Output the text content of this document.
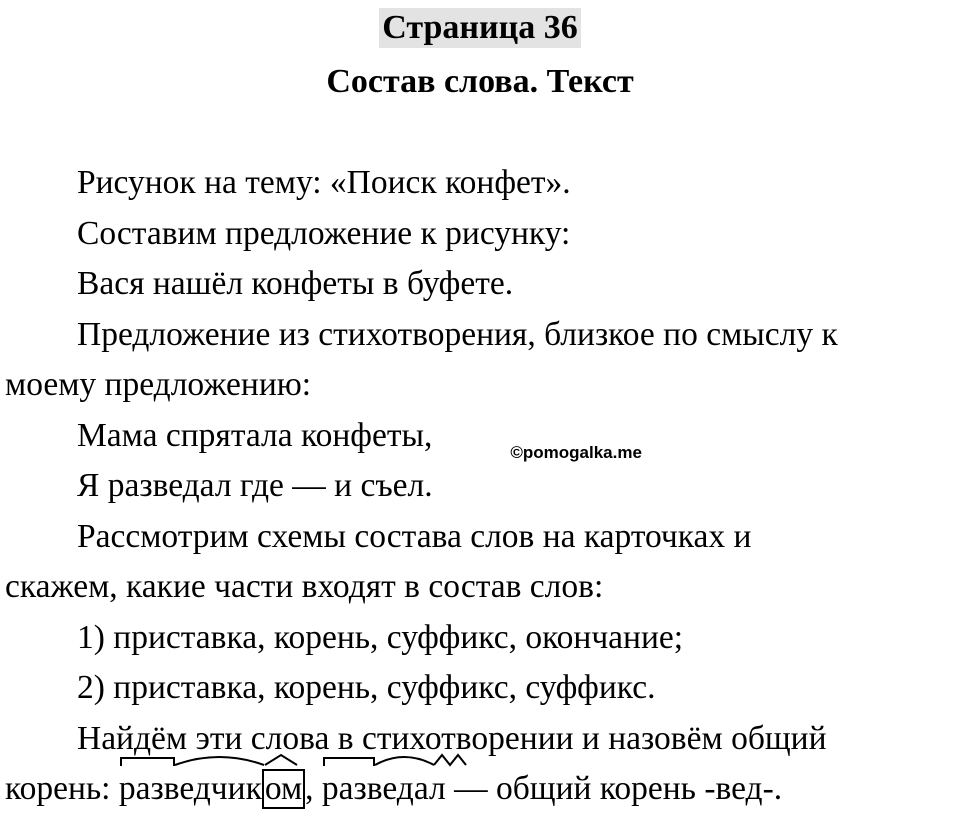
Страница 36
Состав слова. Текст

Рисунок на тему: «Поиск конфет».

Составим предложение к рисунку:

Вася нашёл конфеты в буфете.

Предложение из стихотворения, близкое по смыслу к

моему предложению:

Мама спрятала конфеты,	©pomogalka.me

Я разведал где — и съел.

Рассмотрим схемы состава слов на карточках и

скажем, какие части входят в состав слов:

1) приставка, корень, суффикс, окончание;

2) приставка, корень, суффикс, суффикс.

Найдём эти слова в стихотворении и назовём общий

корень:
разведчиком,
разведал — общий корень -вед-.
